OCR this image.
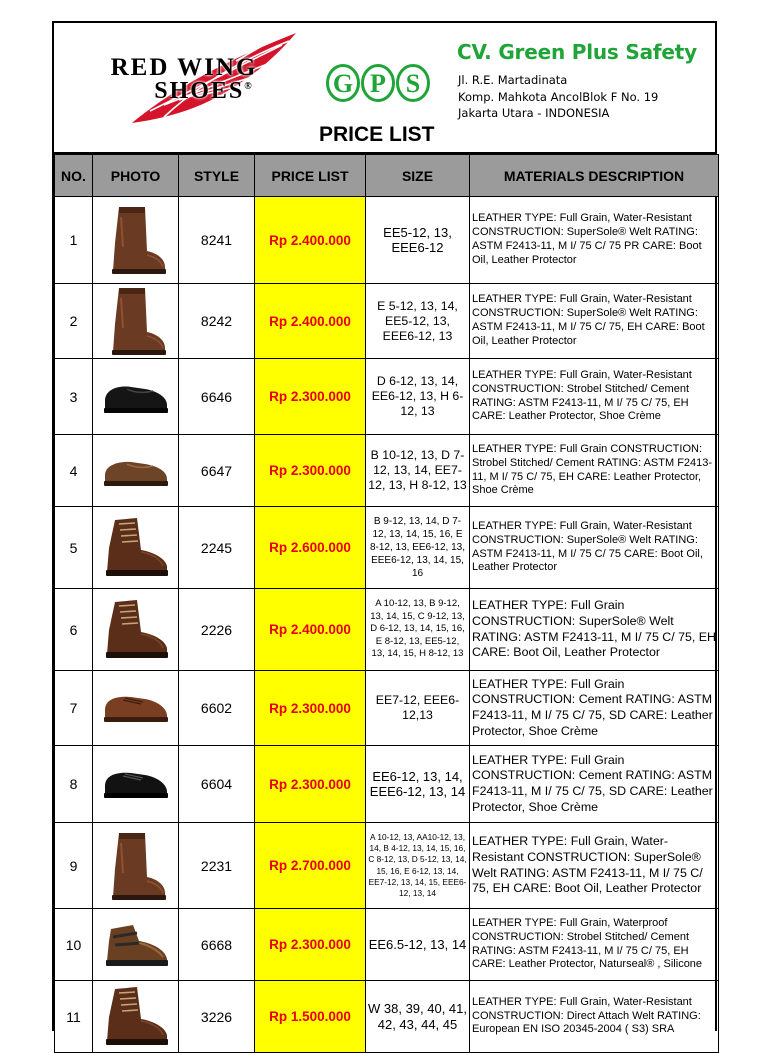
RED WING
SHOES®	G P S
CV. Green Plus Safety
Jl. R.E. Martadinata
Komp. Mahkota AncolBlok F No. 19
Jakarta Utara - INDONESIA
PRICE LIST
NO.	PHOTO	STYLE	PRICE LIST	SIZE	MATERIALS DESCRIPTION
1		8241	Rp 2.400.000	EE5-12, 13, EEE6-12	LEATHER TYPE: Full Grain, Water-Resistant CONSTRUCTION: SuperSole® Welt RATING: ASTM F2413-11, M I/ 75 C/ 75 PR CARE: Boot Oil, Leather Protector
2		8242	Rp 2.400.000	E 5-12, 13, 14, EE5-12, 13, EEE6-12, 13	LEATHER TYPE: Full Grain, Water-Resistant CONSTRUCTION: SuperSole® Welt RATING: ASTM F2413-11, M I/ 75 C/ 75, EH CARE: Boot Oil, Leather Protector
3		6646	Rp 2.300.000	D 6-12, 13, 14, EE6-12, 13, H 6-12, 13	LEATHER TYPE: Full Grain, Water-Resistant CONSTRUCTION: Strobel Stitched/ Cement RATING: ASTM F2413-11, M I/ 75 C/ 75, EH CARE: Leather Protector, Shoe Crème
4		6647	Rp 2.300.000	B 10-12, 13, D 7-12, 13, 14, EE7-12, 13, H 8-12, 13	LEATHER TYPE: Full Grain CONSTRUCTION: Strobel Stitched/ Cement RATING: ASTM F2413-11, M I/ 75 C/ 75, EH CARE: Leather Protector, Shoe Crème
5		2245	Rp 2.600.000	B 9-12, 13, 14, D 7-12, 13, 14, 15, 16, E 8-12, 13, EE6-12, 13, EEE6-12, 13, 14, 15, 16	LEATHER TYPE: Full Grain, Water-Resistant CONSTRUCTION: SuperSole® Welt RATING: ASTM F2413-11, M I/ 75 C/ 75 CARE: Boot Oil, Leather Protector
6		2226	Rp 2.400.000	A 10-12, 13, B 9-12, 13, 14, 15, C 9-12, 13, D 6-12, 13, 14, 15, 16, E 8-12, 13, EE5-12, 13, 14, 15, H 8-12, 13	LEATHER TYPE: Full Grain CONSTRUCTION: SuperSole® Welt RATING: ASTM F2413-11, M I/ 75 C/ 75, EH CARE: Boot Oil, Leather Protector
7		6602	Rp 2.300.000	EE7-12, EEE6-12,13	LEATHER TYPE: Full Grain CONSTRUCTION: Cement RATING: ASTM F2413-11, M I/ 75 C/ 75, SD CARE: Leather Protector, Shoe Crème
8		6604	Rp 2.300.000	EE6-12, 13, 14, EEE6-12, 13, 14	LEATHER TYPE: Full Grain CONSTRUCTION: Cement RATING: ASTM F2413-11, M I/ 75 C/ 75, SD CARE: Leather Protector, Shoe Crème
9		2231	Rp 2.700.000	A 10-12, 13, AA10-12, 13, 14, B 4-12, 13, 14, 15, 16, C 8-12, 13, D 5-12, 13, 14, 15, 16, E 6-12, 13, 14, EE7-12, 13, 14, 15, EEE6-12, 13, 14	LEATHER TYPE: Full Grain, Water-Resistant CONSTRUCTION: SuperSole® Welt RATING: ASTM F2413-11, M I/ 75 C/ 75, EH CARE: Boot Oil, Leather Protector
10		6668	Rp 2.300.000	EE6.5-12, 13, 14	LEATHER TYPE: Full Grain, Waterproof CONSTRUCTION: Strobel Stitched/ Cement RATING: ASTM F2413-11, M I/ 75 C/ 75, EH CARE: Leather Protector, Naturseal® , Silicone
11		3226	Rp 1.500.000	W 38, 39, 40, 41, 42, 43, 44, 45	LEATHER TYPE: Full Grain, Water-Resistant CONSTRUCTION: Direct Attach Welt RATING: European EN ISO 20345-2004 ( S3) SRA
